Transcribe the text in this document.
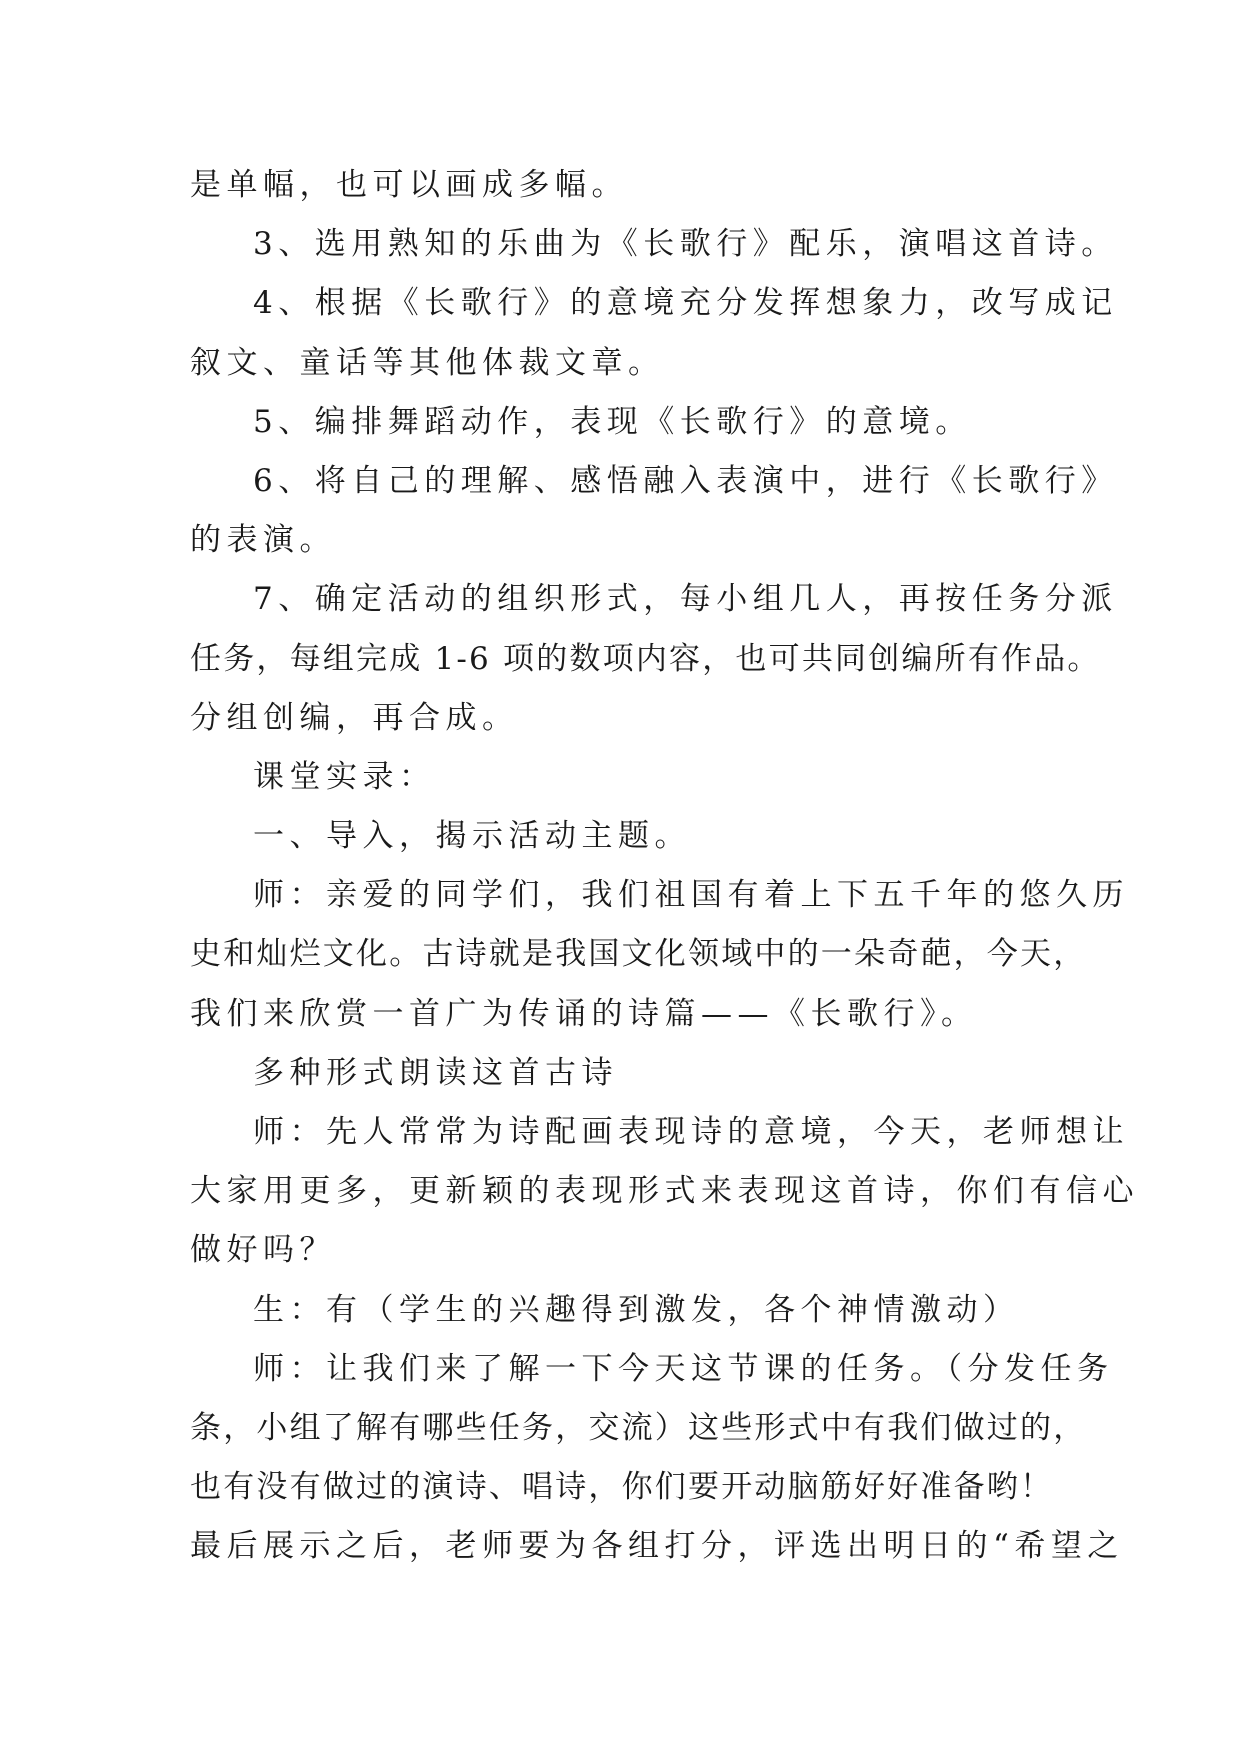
是单幅，也可以画成多幅。
3、选用熟知的乐曲为《长歌行》配乐，演唱这首诗。
4、根据《长歌行》的意境充分发挥想象力，改写成记
叙文、童话等其他体裁文章。
5、编排舞蹈动作，表现《长歌行》的意境。
6、将自己的理解、感悟融入表演中，进行《长歌行》
的表演。
7、确定活动的组织形式，每小组几人，再按任务分派
任务，每组完成 1-6 项的数项内容，也可共同创编所有作品。
分组创编，再合成。
课堂实录：
一、导入，揭示活动主题。
师：亲爱的同学们，我们祖国有着上下五千年的悠久历
史和灿烂文化。古诗就是我国文化领域中的一朵奇葩，今天，
我们来欣赏一首广为传诵的诗篇——《长歌行》。
多种形式朗读这首古诗
师：先人常常为诗配画表现诗的意境，今天，老师想让
大家用更多，更新颖的表现形式来表现这首诗，你们有信心
做好吗？
生：有（学生的兴趣得到激发，各个神情激动）
师：让我们来了解一下今天这节课的任务。（分发任务
条，小组了解有哪些任务，交流）这些形式中有我们做过的，
也有没有做过的演诗、唱诗，你们要开动脑筋好好准备哟！
最后展示之后，老师要为各组打分，评选出明日的“希望之
